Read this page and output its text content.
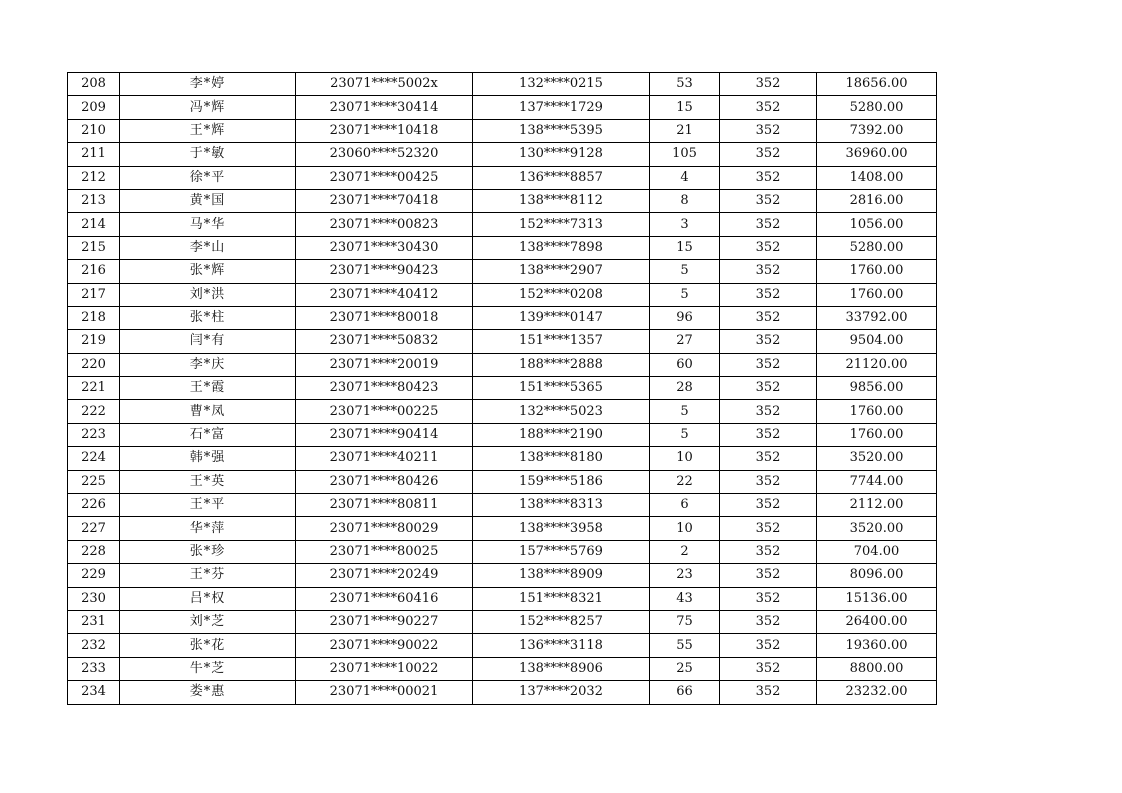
208	李*婷	23071****5002x	132****0215	53	352	18656.00
209	冯*辉	23071****30414	137****1729	15	352	5280.00
210	王*辉	23071****10418	138****5395	21	352	7392.00
211	于*敏	23060****52320	130****9128	105	352	36960.00
212	徐*平	23071****00425	136****8857	4	352	1408.00
213	黄*国	23071****70418	138****8112	8	352	2816.00
214	马*华	23071****00823	152****7313	3	352	1056.00
215	李*山	23071****30430	138****7898	15	352	5280.00
216	张*辉	23071****90423	138****2907	5	352	1760.00
217	刘*洪	23071****40412	152****0208	5	352	1760.00
218	张*柱	23071****80018	139****0147	96	352	33792.00
219	闫*有	23071****50832	151****1357	27	352	9504.00
220	李*庆	23071****20019	188****2888	60	352	21120.00
221	王*霞	23071****80423	151****5365	28	352	9856.00
222	曹*凤	23071****00225	132****5023	5	352	1760.00
223	石*富	23071****90414	188****2190	5	352	1760.00
224	韩*强	23071****40211	138****8180	10	352	3520.00
225	王*英	23071****80426	159****5186	22	352	7744.00
226	王*平	23071****80811	138****8313	6	352	2112.00
227	华*萍	23071****80029	138****3958	10	352	3520.00
228	张*珍	23071****80025	157****5769	2	352	704.00
229	王*芬	23071****20249	138****8909	23	352	8096.00
230	吕*权	23071****60416	151****8321	43	352	15136.00
231	刘*芝	23071****90227	152****8257	75	352	26400.00
232	张*花	23071****90022	136****3118	55	352	19360.00
233	牛*芝	23071****10022	138****8906	25	352	8800.00
234	娄*惠	23071****00021	137****2032	66	352	23232.00
